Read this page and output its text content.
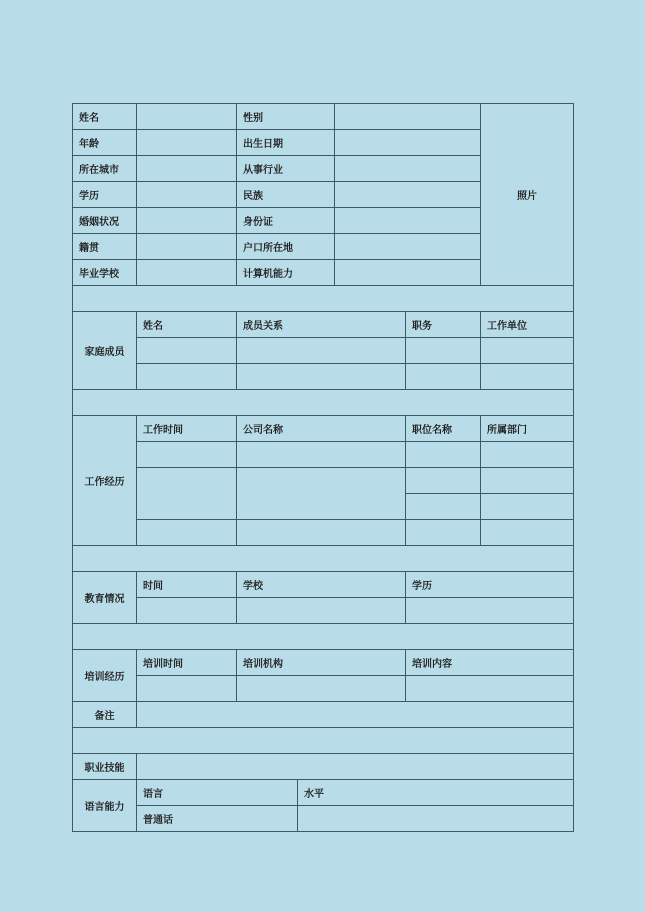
姓名		性别				照片
年龄		出生日期				
所在城市		从事行业				
学历		民族				
婚姻状况		身份证				
籍贯		户口所在地				
毕业学校		计算机能力				

家庭成员	姓名	成员关系			职务	工作单位

工作经历	工作时间	公司名称			职位名称	所属部门

教育情况	时间	学校			学历	

培训经历	培训时间	培训机构			培训内容	

备注						

职业技能						
语言能力	语言		水平			
	普通话					
